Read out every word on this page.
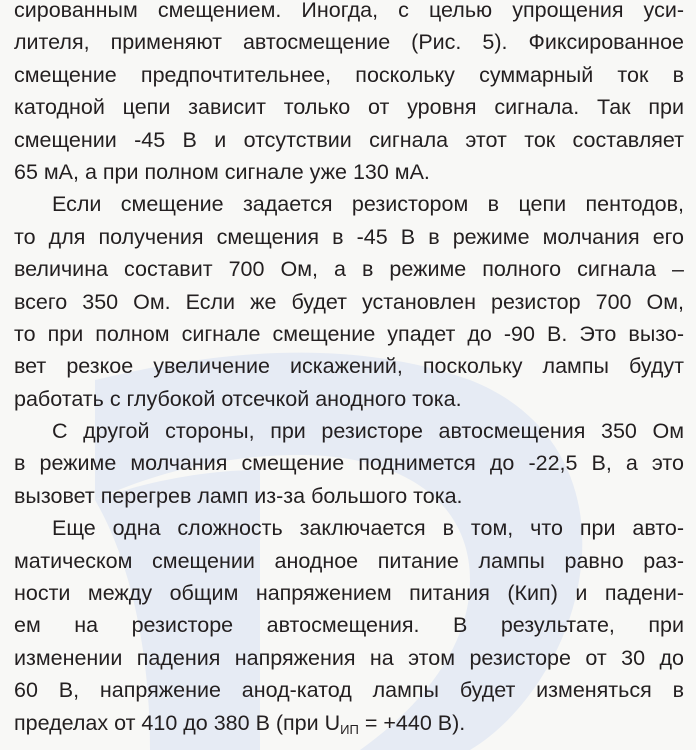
сированным смещением. Иногда, с целью упрощения уси-
лителя, применяют автосмещение (Рис. 5). Фиксированное
смещение предпочтительнее, поскольку суммарный ток в
катодной цепи зависит только от уровня сигнала. Так при
смещении -45 В и отсутствии сигнала этот ток составляет
65 мА, а при полном сигнале уже 130 мА.
Если смещение задается резистором в цепи пентодов,
то для получения смещения в -45 В в режиме молчания его
величина составит 700 Ом, а в режиме полного сигнала –
всего 350 Ом. Если же будет установлен резистор 700 Ом,
то при полном сигнале смещение упадет до -90 В. Это вызо-
вет резкое увеличение искажений, поскольку лампы будут
работать с глубокой отсечкой анодного тока.
С другой стороны, при резисторе автосмещения 350 Ом
в режиме молчания смещение поднимется до -22,5 В, а это
вызовет перегрев ламп из-за большого тока.
Еще одна сложность заключается в том, что при авто-
матическом смещении анодное питание лампы равно раз-
ности между общим напряжением питания (Кип) и падени-
ем на резисторе автосмещения. В результате, при
изменении падения напряжения на этом резисторе от 30 до
60 В, напряжение анод-катод лампы будет изменяться в
пределах от 410 до 380 В (при $U_{ИП} = +440$ В).
